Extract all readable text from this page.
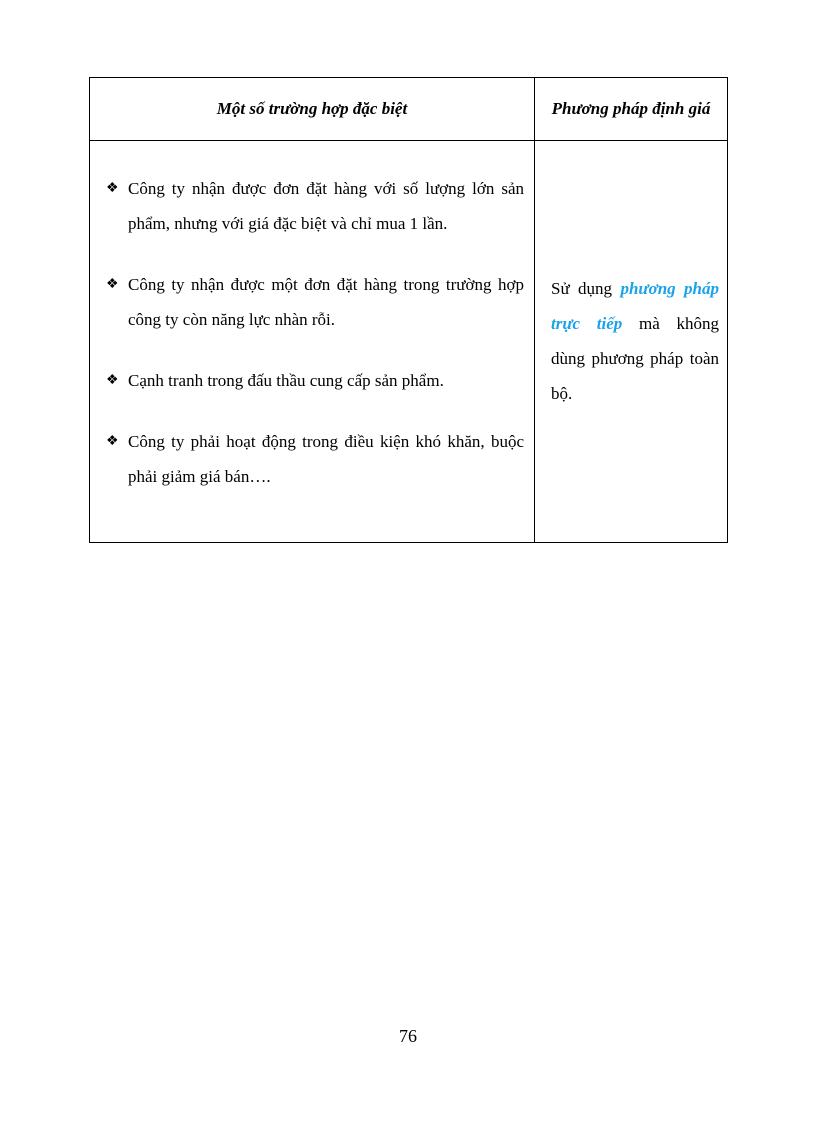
Một số trường hợp đặc biệt	Phương pháp định giá
❖ Công ty nhận được đơn đặt hàng với số lượng lớn sản phẩm, nhưng với giá đặc biệt và chỉ mua 1 lần.
❖ Công ty nhận được một đơn đặt hàng trong trường hợp công ty còn năng lực nhàn rỗi.
❖ Cạnh tranh trong đấu thầu cung cấp sản phẩm.
❖ Công ty phải hoạt động trong điều kiện khó khăn, buộc phải giảm giá bán….
Sử dụng phương pháp trực tiếp mà không dùng phương pháp toàn bộ.
76
